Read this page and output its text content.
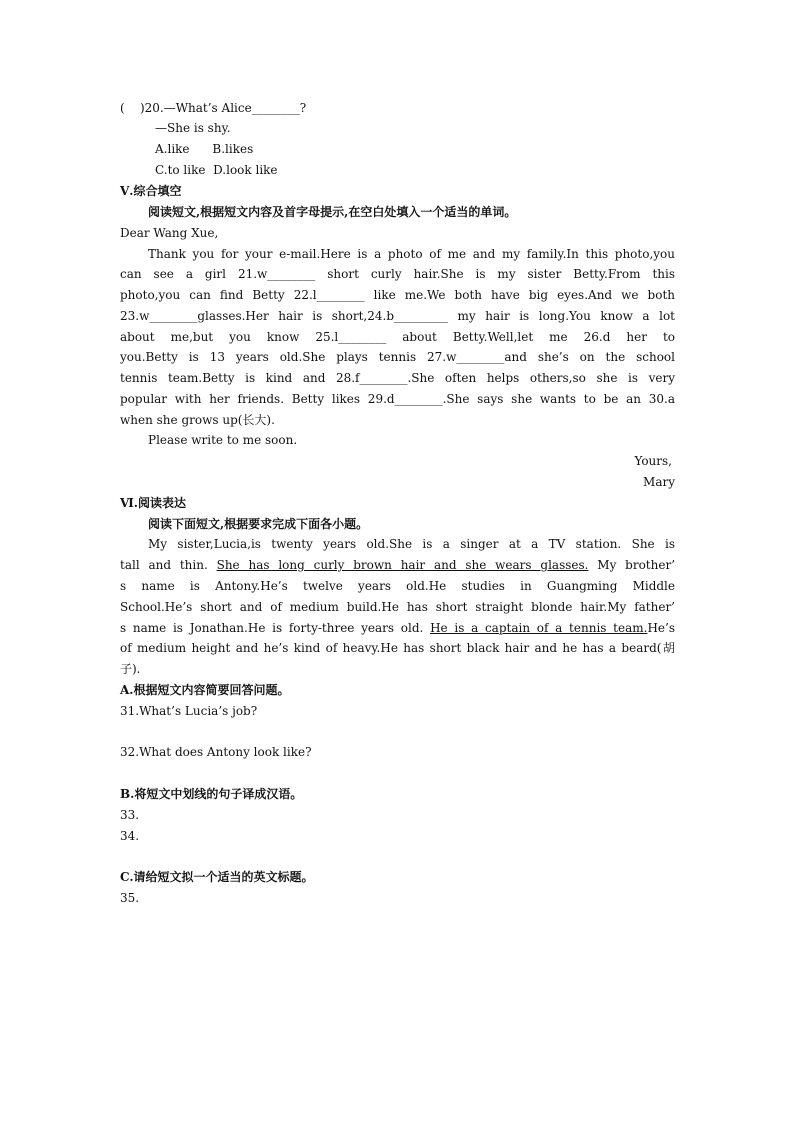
(    )20.—What’s Alice________?
—She is shy.
A.like      B.likes
C.to like  D.look like
Ⅴ.综合填空
阅读短文,根据短文内容及首字母提示,在空白处填入一个适当的单词。
Dear Wang Xue,
Thank you for your e-mail.Here is a photo of me and my family.In this photo,you
can see a girl 21.w________ short curly hair.She is my sister Betty.From this
photo,you can find Betty 22.l________ like me.We both have big eyes.And we both
23.w________glasses.Her hair is short,24.b_________ my hair is long.You know a lot
about me,but you know 25.l________ about Betty.Well,let me 26.d her to
you.Betty is 13 years old.She plays tennis 27.w________and she’s on the school
tennis team.Betty is kind and 28.f________.She often helps others,so she is very
popular with her friends. Betty likes 29.d________.She says she wants to be an 30.a
when she grows up(长大).
Please write to me soon.
Yours,
Mary
Ⅵ.阅读表达
阅读下面短文,根据要求完成下面各小题。
My sister,Lucia,is twenty years old.She is a singer at a TV station. She is
tall and thin. She has long curly brown hair and she wears glasses. My brother’
s name is Antony.He’s twelve years old.He studies in Guangming Middle
School.He’s short and of medium build.He has short straight blonde hair.My father’
s name is Jonathan.He is forty-three years old. He is a captain of a tennis team.He’s
of medium height and he’s kind of heavy.He has short black hair and he has a beard(胡
子).
A.根据短文内容简要回答问题。
31.What’s Lucia’s job?
32.What does Antony look like?
B.将短文中划线的句子译成汉语。
33.
34.
C.请给短文拟一个适当的英文标题。
35.
